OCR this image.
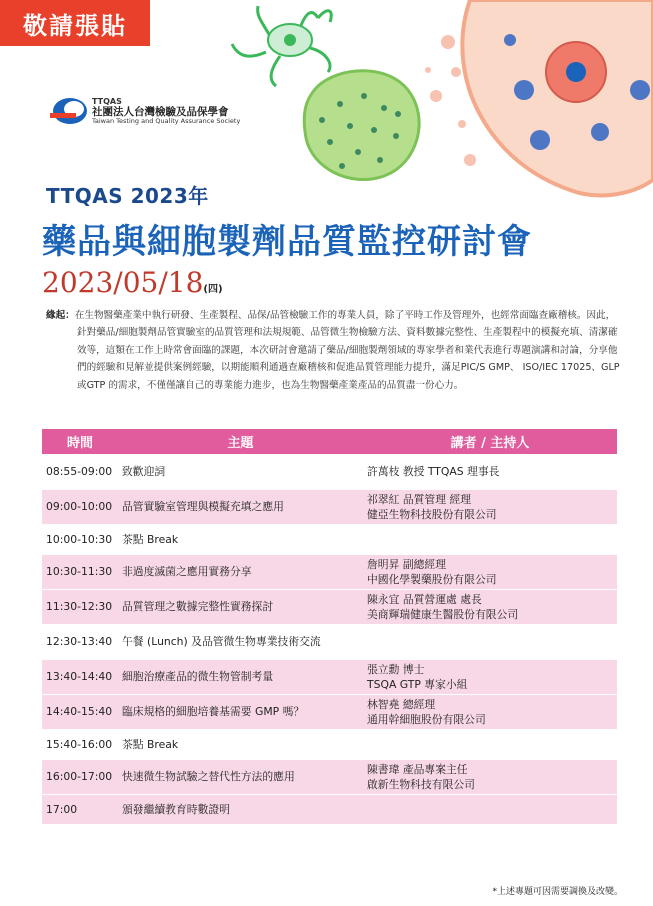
敬請張貼
TTQAS
社團法人台灣檢驗及品保學會
Taiwan Testing and Quality Assurance Society
TTQAS 2023年
藥品與細胞製劑品質監控研討會
2023/05/18(四)
緣起：在生物醫藥產業中執行研發、生產製程、品保/品管檢驗工作的專業人員，除了平時工作及管理外，也經常面臨查廠稽核。因此，針對藥品/細胞製劑品管實驗室的品質管理和法規規範、品管微生物檢驗方法、資料數據完整性、生產製程中的模擬充填、清潔確效等，這類在工作上時常會面臨的課題，本次研討會邀請了藥品/細胞製劑領域的專家學者和業代表進行專題演講和討論，分享他們的經驗和見解並提供案例經驗，以期能順利通過查廠稽核和促進品質管理能力提升，滿足PIC/S GMP、 ISO/IEC 17025、GLP或GTP 的需求，不僅僅讓自己的專業能力進步，也為生物醫藥產業產品的品質盡一份心力。
時間	主題	講者 / 主持人
08:55-09:00	致歡迎詞	許萬枝 教授 TTQAS 理事長

09:00-10:00	品管實驗室管理與模擬充填之應用	祁翠紅 品質管理 經理
健亞生物科技股份有限公司

10:00-10:30	茶點 Break	

10:30-11:30	非過度滅菌之應用實務分享	詹明昇 副總經理
中國化學製藥股份有限公司

11:30-12:30	品質管理之數據完整性實務探討	陳永宜 品質營運處 處長
美商輝瑞健康生醫股份有限公司

12:30-13:40	午餐 (Lunch) 及品管微生物專業技術交流	

13:40-14:40	細胞治療產品的微生物管制考量	張立勳 博士
TSQA GTP 專家小組

14:40-15:40	臨床規格的細胞培養基需要 GMP 嗎？	林智堯 總經理
通用幹細胞股份有限公司

15:40-16:00	茶點 Break	

16:00-17:00	快速微生物試驗之替代性方法的應用	陳書瑋 產品專案主任
啟新生物科技有限公司

17:00	頒發繼續教育時數證明	
*上述專題可因需要調換及改變。
